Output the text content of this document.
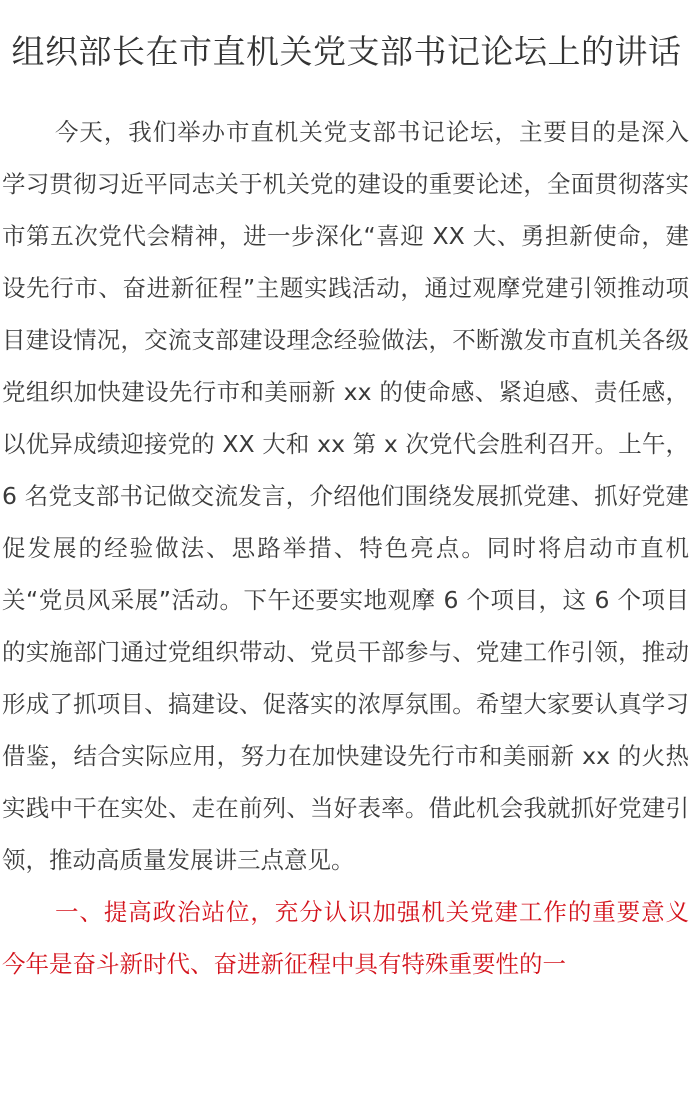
组织部长在市直机关党支部书记论坛上的讲话

今天，我们举办市直机关党支部书记论坛，主要目的是深入学习贯彻习近平同志关于机关党的建设的重要论述，全面贯彻落实市第五次党代会精神，进一步深化“喜迎 XX 大、勇担新使命，建设先行市、奋进新征程”主题实践活动，通过观摩党建引领推动项目建设情况，交流支部建设理念经验做法，不断激发市直机关各级党组织加快建设先行市和美丽新 xx 的使命感、紧迫感、责任感，以优异成绩迎接党的 XX 大和 xx 第 x 次党代会胜利召开。上午，6 名党支部书记做交流发言，介绍他们围绕发展抓党建、抓好党建促发展的经验做法、思路举措、特色亮点。同时将启动市直机关“党员风采展”活动。下午还要实地观摩 6 个项目，这 6 个项目的实施部门通过党组织带动、党员干部参与、党建工作引领，推动形成了抓项目、搞建设、促落实的浓厚氛围。希望大家要认真学习借鉴，结合实际应用，努力在加快建设先行市和美丽新 xx 的火热实践中干在实处、走在前列、当好表率。借此机会我就抓好党建引领，推动高质量发展讲三点意见。

一、提高政治站位，充分认识加强机关党建工作的重要意义今年是奋斗新时代、奋进新征程中具有特殊重要性的一
